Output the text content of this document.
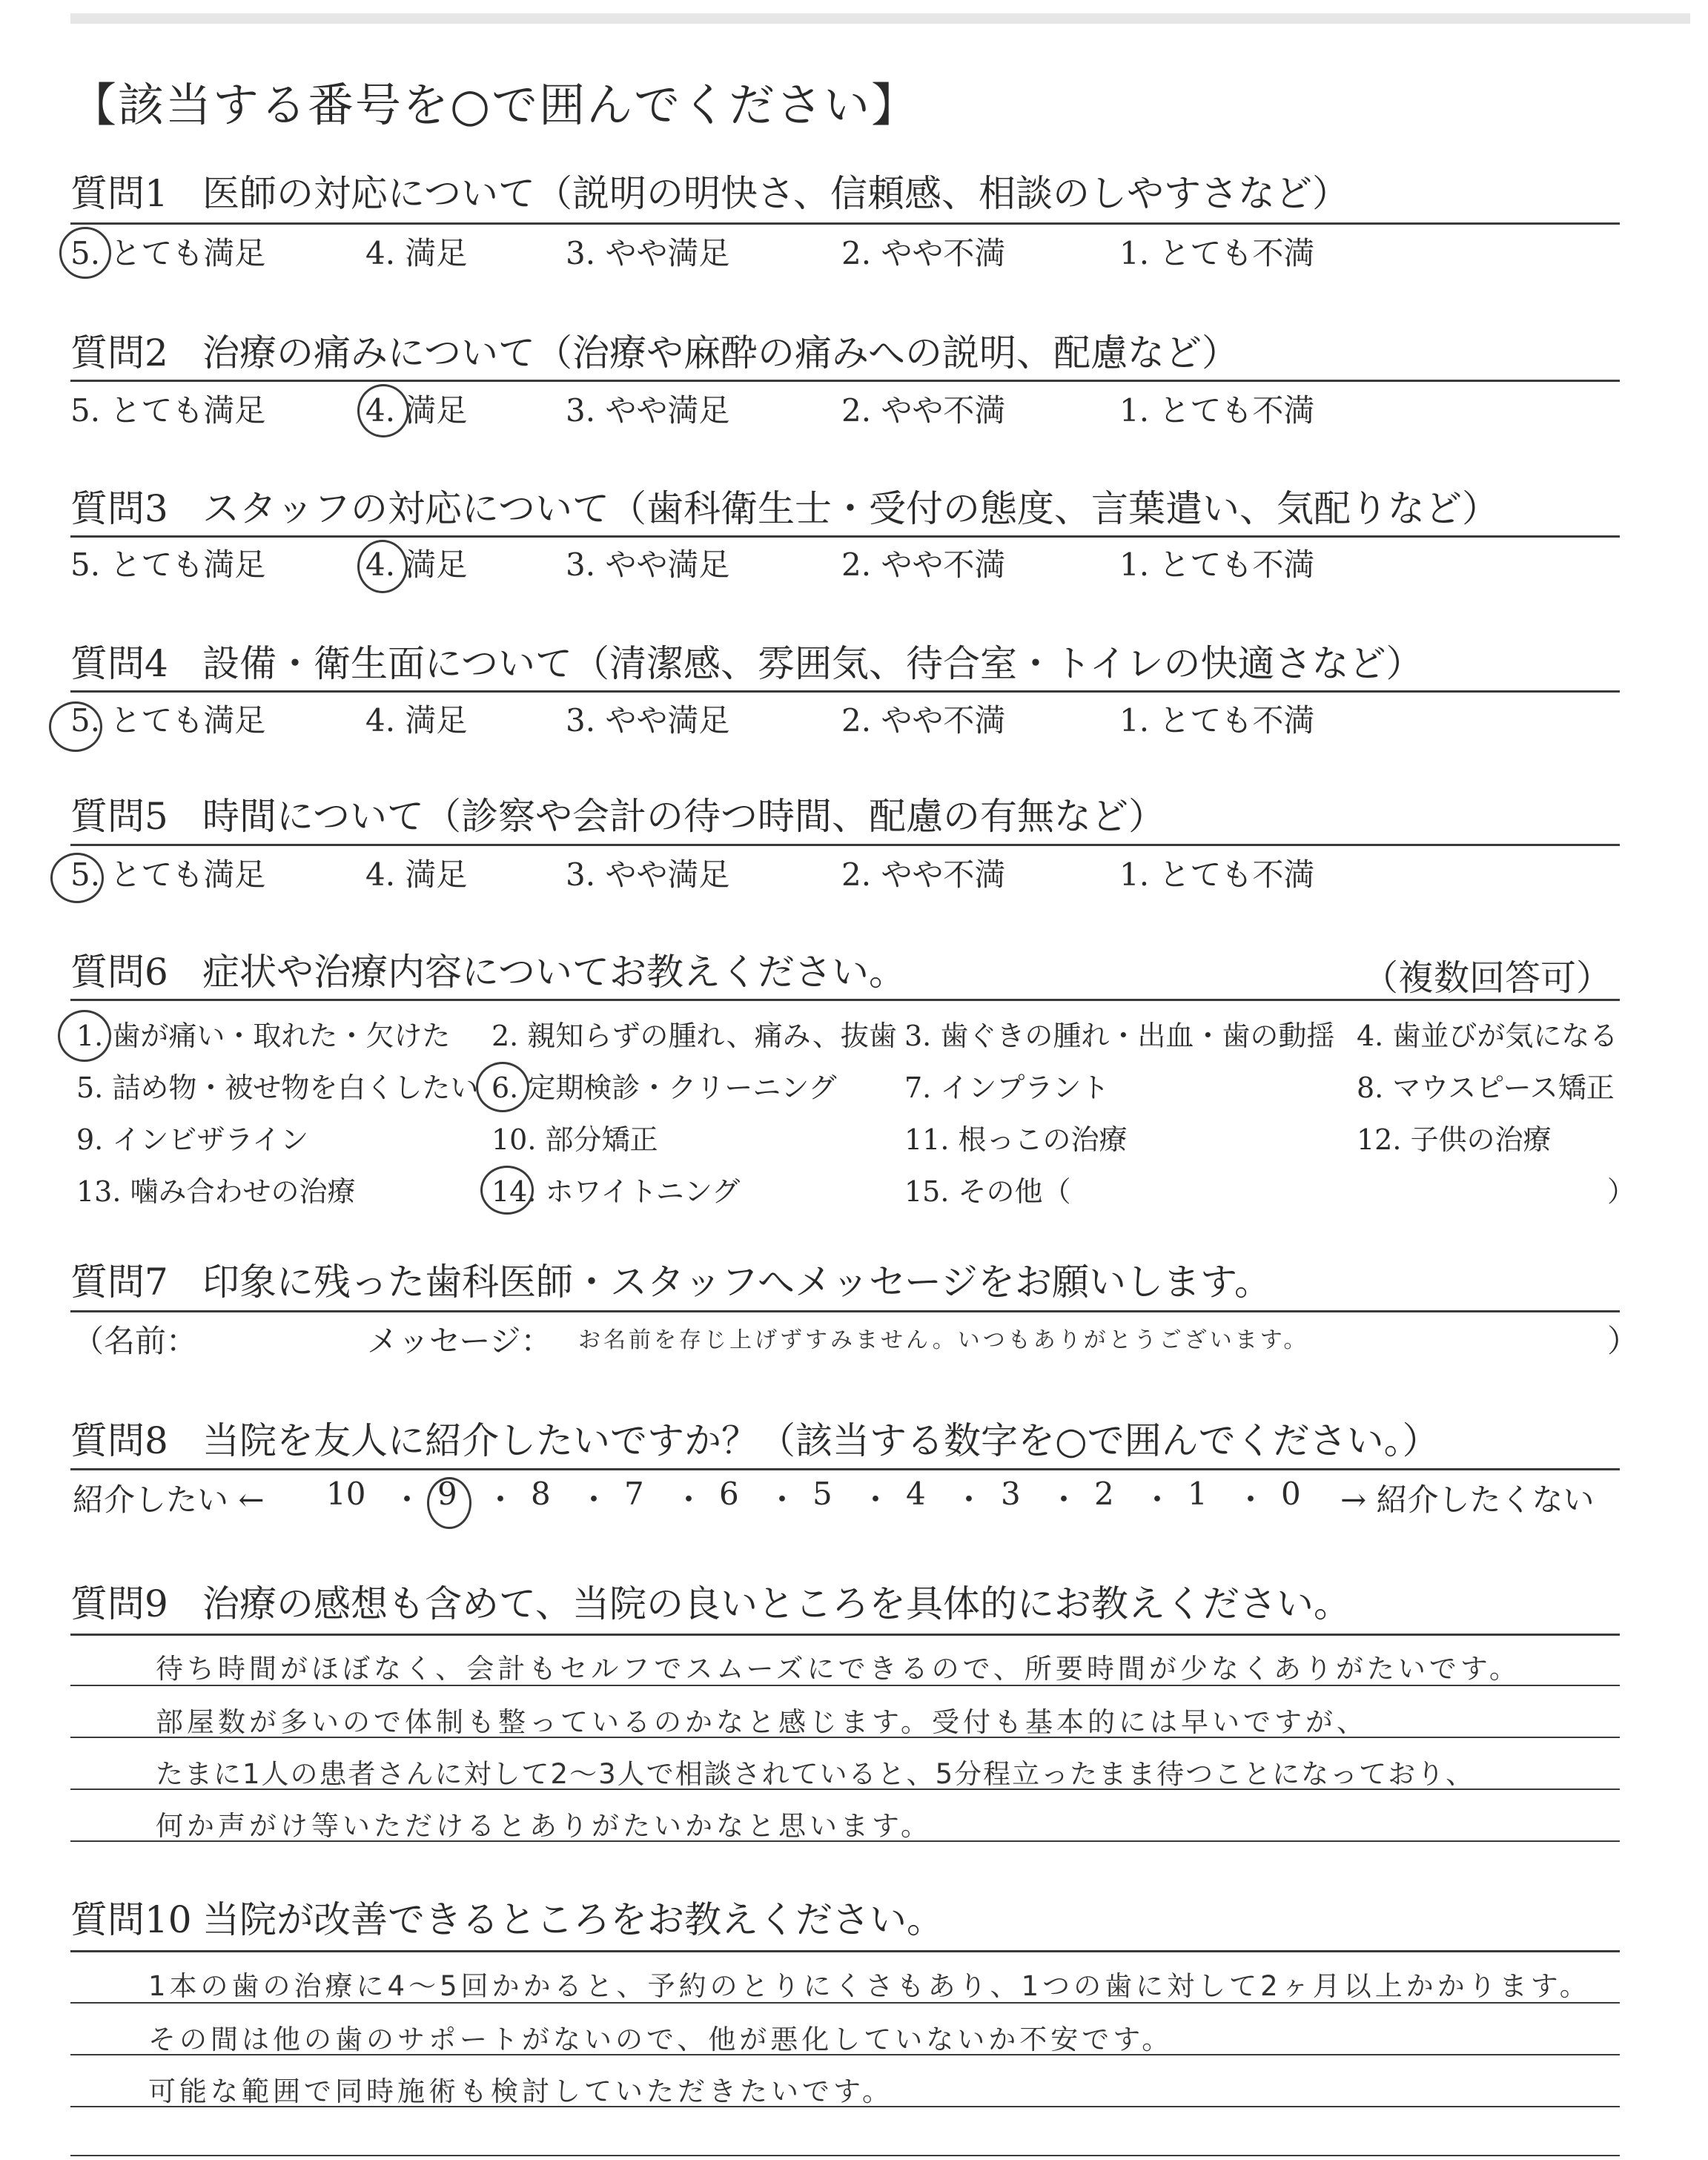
【該当する番号を○で囲んでください】
質問1 医師の対応について（説明の明快さ、信頼感、相談のしやすさなど）
5. とても満足	4. 満足	3. やや満足	2. やや不満	1. とても不満
質問2 治療の痛みについて（治療や麻酔の痛みへの説明、配慮など）
5. とても満足	4. 満足	3. やや満足	2. やや不満	1. とても不満
質問3 スタッフの対応について（歯科衛生士・受付の態度、言葉遣い、気配りなど）
5. とても満足	4. 満足	3. やや満足	2. やや不満	1. とても不満
質問4 設備・衛生面について（清潔感、雰囲気、待合室・トイレの快適さなど）
5. とても満足	4. 満足	3. やや満足	2. やや不満	1. とても不満
質問5 時間について（診察や会計の待つ時間、配慮の有無など）
5. とても満足	4. 満足	3. やや満足	2. やや不満	1. とても不満
質問6 症状や治療内容についてお教えください。	（複数回答可）
1. 歯が痛い・取れた・欠けた 2. 親知らずの腫れ、痛み、抜歯 3. 歯ぐきの腫れ・出血・歯の動揺 4. 歯並びが気になる
5. 詰め物・被せ物を白くしたい 6. 定期検診・クリーニング 7. インプラント	8. マウスピース矯正
9. インビザライン	10. 部分矯正	11. 根っこの治療	12. 子供の治療
13. 噛み合わせの治療	14. ホワイトニング	15. その他（	）
質問7 印象に残った歯科医師・スタッフへメッセージをお願いします。
（名前：	メッセージ： お名前を存じ上げずすみません。いつもありがとうございます。	）
質問8 当院を友人に紹介したいですか？（該当する数字を○で囲んでください。）
紹介したい ← 10 ・ 9 ・ 8 ・ 7 ・ 6 ・ 5 ・ 4 ・ 3 ・ 2 ・ 1 ・ 0 → 紹介したくない
質問9 治療の感想も含めて、当院の良いところを具体的にお教えください。
待ち時間がほぼなく、会計もセルフでスムーズにできるので、所要時間が少なくありがたいです。
部屋数が多いので体制も整っているのかなと感じます。受付も基本的には早いですが、
たまに1人の患者さんに対して2〜3人で相談されていると、5分程立ったまま待つことになっており、
何か声がけ等いただけるとありがたいかなと思います。
質問10 当院が改善できるところをお教えください。
1本の歯の治療に4〜5回かかると、予約のとりにくさもあり、1つの歯に対して2ヶ月以上かかります。
その間は他の歯のサポートがないので、他が悪化していないか不安です。
可能な範囲で同時施術も検討していただきたいです。
